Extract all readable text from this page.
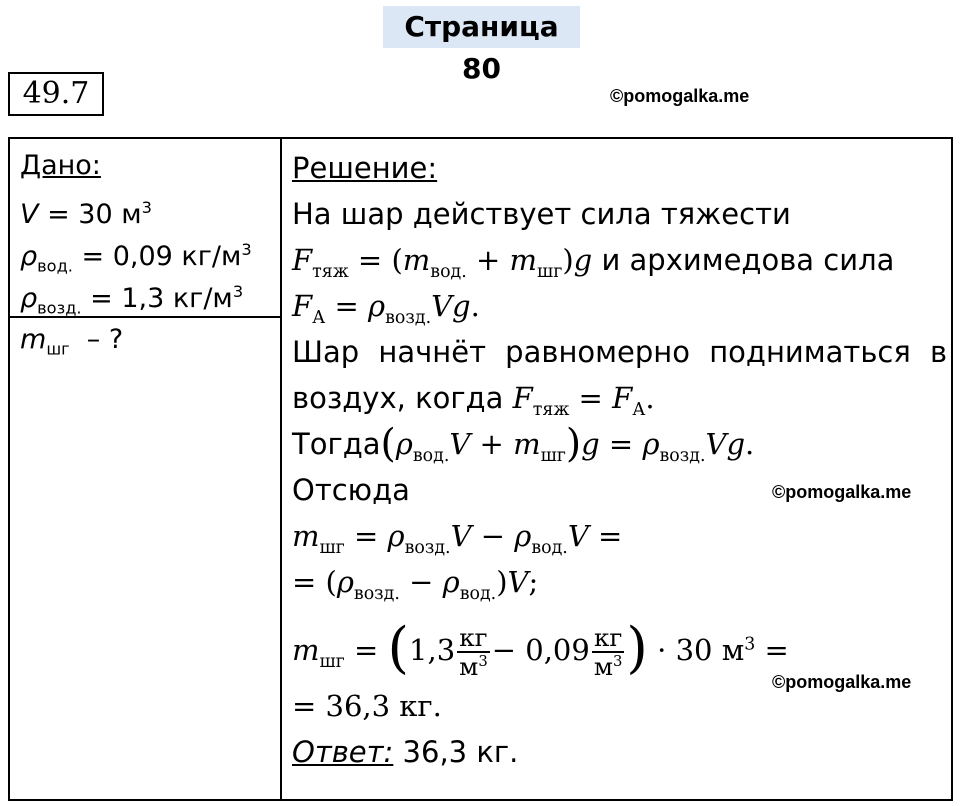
Страница 80
49.7	©pomogalka.me
©pomogalka.me
©pomogalka.me
Дано:
V = 30 $м^3$
$\rho_{вод.} = 0,09$ $кг/м^3$
$\rho_{возд.} = 1,3$ $кг/м^3$
$m_{шг}$  – ?
Решение:
На шар действует сила тяжести
$F_{тяж} = (m_{вод.} + m_{шг})g$ и архимедова сила
$F_А = \rho_{возд.}Vg$.
Шар начнёт равномерно подниматься в
воздух, когда $F_{тяж} = F_А$.
$Тогда(\rho_{вод.}V + m_{шг})g = \rho_{возд.}Vg$.
Отсюда
$m_{шг} = \rho_{возд.}V - \rho_{вод.}V$ =
= $(\rho_{возд.} - \rho_{вод.})V$;
$m_{шг} = (1,3 \frac{кг}{м^3} - 0,09 \frac{кг}{м^3}$ ) · 30 $м^3$ =
= 36,3 кг.
Ответ: 36,3 кг.
